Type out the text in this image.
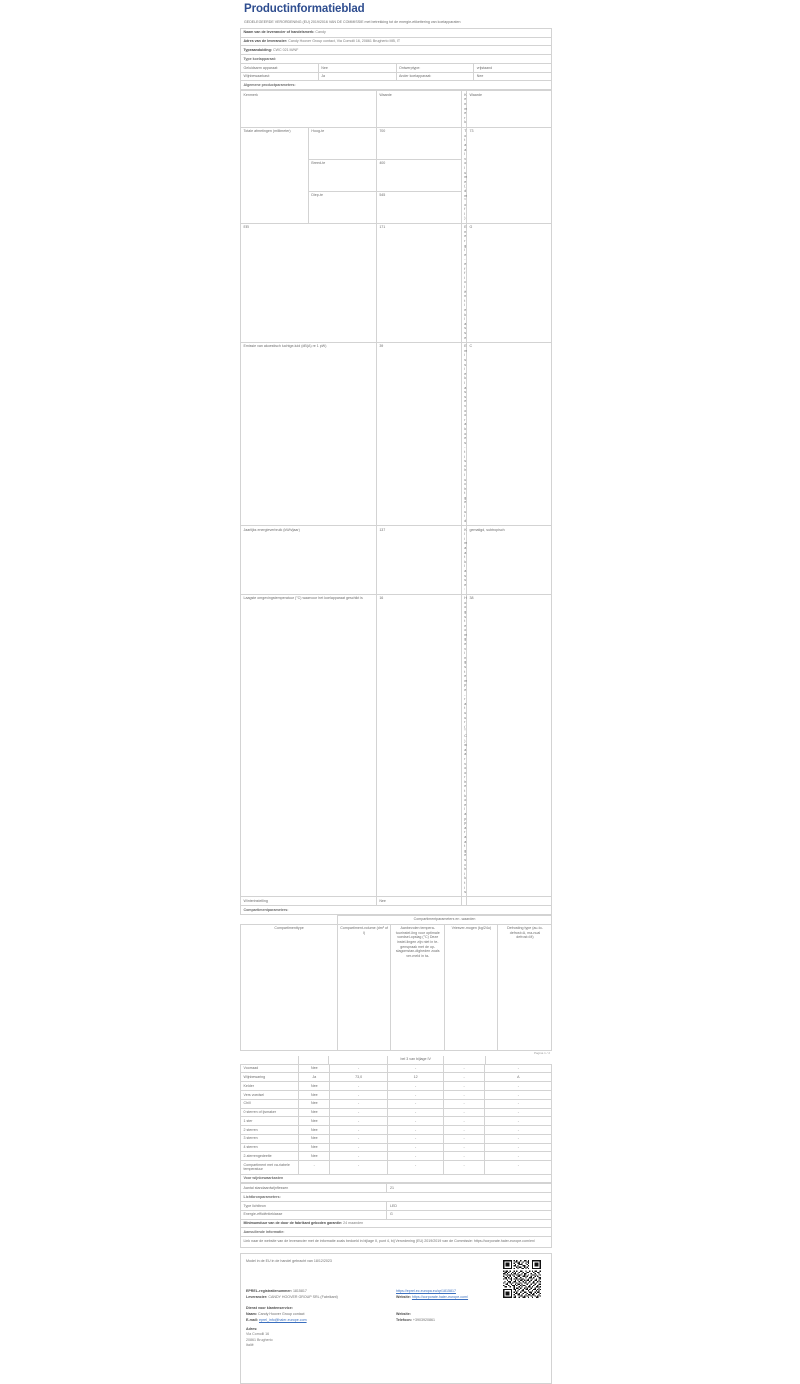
Productinformatieblad
GEDELEGEERDE VERORDENING (EU) 2019/2016 VAN DE COMMISSIE met betrekking tot de energie-etikettering van koelapparaten
Naam van de leverancier of handelsmerk: Candy			
Adres van de leverancier: Candy Hoover Group contact, Via Comolli 16, 20861 Brugherio MB, IT			
Typeaanduiding: CWC 021 M/NF			
Type koelapparaat:			
Geluidsarm apparaat:	Nee	Ontwerptype:	vrijstaand
Wijnbewaarkast:	Ja	Ander koelapparaat:	Nee
Algemene productparameters:			
Kenmerk		Waarde	Kenmerk	Waarde
Totale afmetingen (millimeter)	Hoog-te	700	Totaal volume (dm³ of l)	73
	Breed-te	400		
	Diep-te	545		
EEI		171	Energie-efficiëntieklasse	G
Emissie van akoestisch luchtge-luid (dB(A) re 1 pW)		39	Emissieklasse voor akoes-tisch luchtgeluid	C
Jaarlijks energieverbruik (kWh/jaar)		137	Klimaatklasse:	gematigd, subtropisch
Laagste omgevingstemperatuur (°C) waarvoor het koelapparaat geschikt is		16	Hoogste omgevingstempe-ratuur (°C) waarvoor het koelapparaat geschikt is	38
Winterinstelling		Nee		
Compartimentparameters:				
		Compartimentparameters en -waarden			
Compartimenttype		Compartiment-volume (dm³ of l)	Aanbevolen tempera-tuurinstel-ling voor optimale voedsel-opslag (°C) Deze instel-lingen zijn niet in te-genspraak met de op-slagomstan-digheden zoals ver-meld in ta-	Vriesver-mogen (kg/24u)	Defrosting type (au-to-defrost=A, ma-nual defrost=M)
Pagina 1 / 2
			bel 3 van bijlage IV		
Voorraad	Nee	-	-	-	-
Wijnbewaring	Ja	73,0	12	-	A
Kelder	Nee	-	-	-	-
Vers voedsel	Nee	-	-	-	-
Chill	Nee	-	-	-	-
0 sterren of ijsmaker	Nee	-	-	-	-
1 ster	Nee	-	-	-	-
2 sterren	Nee	-	-	-	-
3 sterren	Nee	-	-	-	-
4 sterren	Nee	-	-	-	-
2-sterrengedeelte	Nee	-	-	-	-
Compartiment met va-riabele temperatuur	-	-	-	-	-
Voor wijnbewaarkasten					
Aantal standaardwijnflessen	21
Lichtbronparameters:	
Type lichtbron	LED
Energie-efficiëntieklasse	G
Minimumduur van de door de fabrikant geboden garantie: 24 maanden	
Aanvullende informatie:	
Link naar de website van de leverancier met de informatie zoals bedoeld in bijlage II, punt 4, bij Verordening (EU) 2019/2019 van de Commissie: https://corporate.haier-europe.com/en/	
Model in de EU in de handel gebracht van 18/12/2023
EPREL-registratienummer: 1815817	https://eprel.ec.europa.eu/qr/1815817
Leverancier: CANDY HOOVER GROUP SRL (Fabrikant)	Website: https://corporate.haier-europe.com/
Dienst voor klantenservice:
Naam: Candy Hoover Group contact	Website:
E-mail: eprel_info@haier-europe.com	Telefoon: +3903920861
Adres:
Via Comolli 16
20861 Brugherio
Italië
